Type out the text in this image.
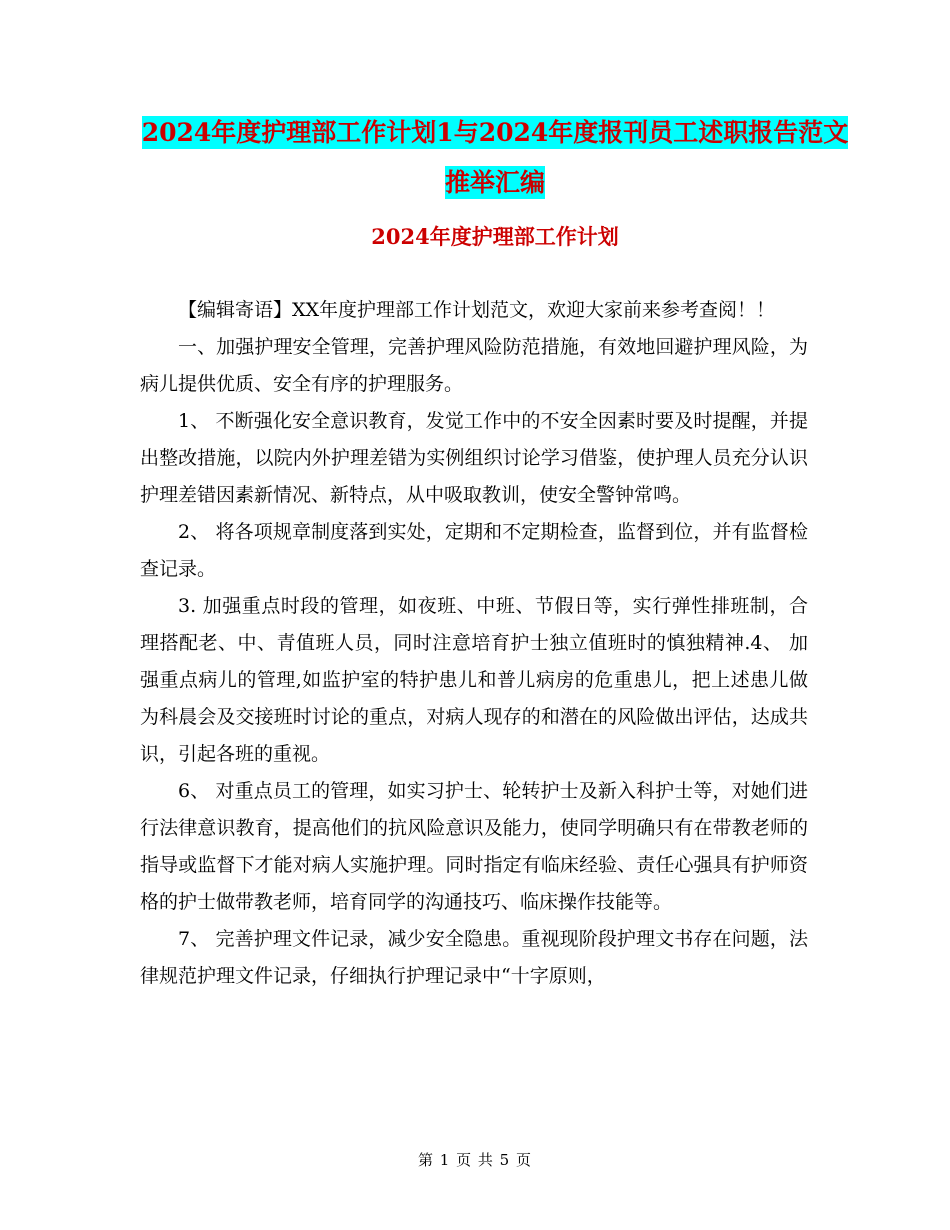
2024年度护理部工作计划1与2024年度报刊员工述职报告范文推举汇编
2024年度护理部工作计划

【编辑寄语】XX年度护理部工作计划范文，欢迎大家前来参考查阅！！

一、加强护理安全管理，完善护理风险防范措施，有效地回避护理风险，为病儿提供优质、安全有序的护理服务。

1、 不断强化安全意识教育，发觉工作中的不安全因素时要及时提醒，并提出整改措施，以院内外护理差错为实例组织讨论学习借鉴，使护理人员充分认识护理差错因素新情况、新特点，从中吸取教训，使安全警钟常鸣。

2、 将各项规章制度落到实处，定期和不定期检查，监督到位，并有监督检查记录。

3. 加强重点时段的管理，如夜班、中班、节假日等，实行弹性排班制，合理搭配老、中、青值班人员，同时注意培育护士独立值班时的慎独精神.4、 加强重点病儿的管理,如监护室的特护患儿和普儿病房的危重患儿，把上述患儿做为科晨会及交接班时讨论的重点，对病人现存的和潜在的风险做出评估，达成共识，引起各班的重视。

6、 对重点员工的管理，如实习护士、轮转护士及新入科护士等，对她们进行法律意识教育，提高他们的抗风险意识及能力，使同学明确只有在带教老师的指导或监督下才能对病人实施护理。同时指定有临床经验、责任心强具有护师资格的护士做带教老师，培育同学的沟通技巧、临床操作技能等。

7、 完善护理文件记录，减少安全隐患。重视现阶段护理文书存在问题，法律规范护理文件记录，仔细执行护理记录中“十字原则，

第 1 页 共 5 页
